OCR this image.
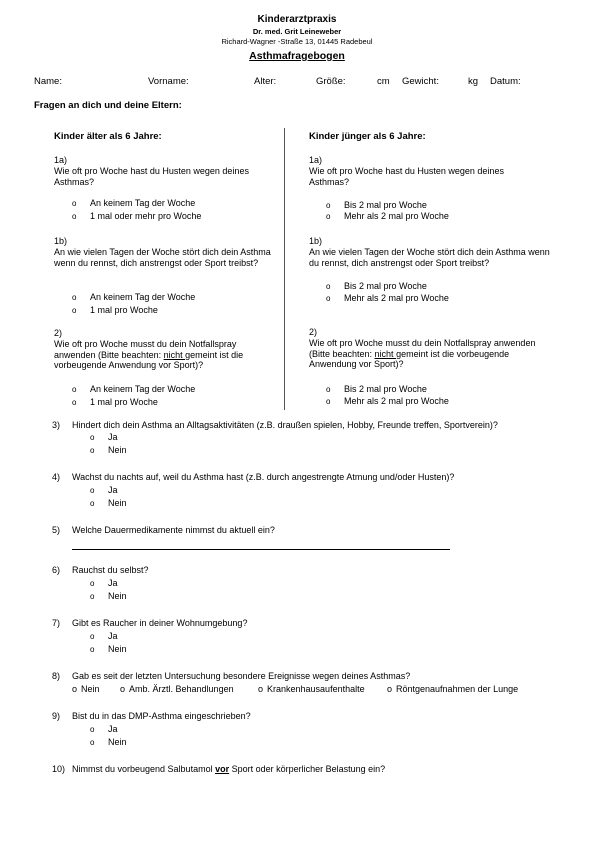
Kinderarztpraxis
Dr. med. Grit Leineweber
Richard-Wagner -Straße 13, 01445 Radebeul
Asthmafragebogen
Name:	Vorname:	Alter:	Größe:	cm Gewicht:	kg Datum:
Fragen an dich und deine Eltern:
Kinder älter als 6 Jahre:
1a)
Wie oft pro Woche hast du Husten wegen deines Asthmas?
o	An keinem Tag der Woche
o	1 mal oder mehr pro Woche
1b)
An wie vielen Tagen der Woche stört dich dein Asthma wenn du rennst, dich anstrengst oder Sport treibst?
o	An keinem Tag der Woche
o	1 mal pro Woche
2)
Wie oft pro Woche musst du dein Notfallspray anwenden (Bitte beachten: nicht gemeint ist die vorbeugende Anwendung vor Sport)?
o	An keinem Tag der Woche
o	1 mal pro Woche
Kinder jünger als 6 Jahre:
1a)
Wie oft pro Woche hast du Husten wegen deines Asthmas?
o	Bis 2 mal pro Woche
o	Mehr als 2 mal pro Woche
1b)
An wie vielen Tagen der Woche stört dich dein Asthma wenn du rennst, dich anstrengst oder Sport treibst?
o	Bis 2 mal pro Woche
o	Mehr als 2 mal pro Woche
2)
Wie oft pro Woche musst du dein Notfallspray anwenden (Bitte beachten: nicht gemeint ist die vorbeugende Anwendung vor Sport)?
o	Bis 2 mal pro Woche
o	Mehr als 2 mal pro Woche
3) Hindert dich dein Asthma an Alltagsaktivitäten (z.B. draußen spielen, Hobby, Freunde treffen, Sportverein)?
o	Ja
o	Nein
4) Wachst du nachts auf, weil du Asthma hast (z.B. durch angestrengte Atmung und/oder Husten)?
o	Ja
o	Nein
5) Welche Dauermedikamente nimmst du aktuell ein?
6) Rauchst du selbst?
o	Ja
o	Nein
7) Gibt es Raucher in deiner Wohnumgebung?
o	Ja
o	Nein
8) Gab es seit der letzten Untersuchung besondere Ereignisse wegen deines Asthmas?
o Nein o Amb. Ärztl. Behandlungen	o Krankenhausaufenthalte o Röntgenaufnahmen der Lunge
9) Bist du in das DMP-Asthma eingeschrieben?
o	Ja
o	Nein
10) Nimmst du vorbeugend Salbutamol vor Sport oder körperlicher Belastung ein?
